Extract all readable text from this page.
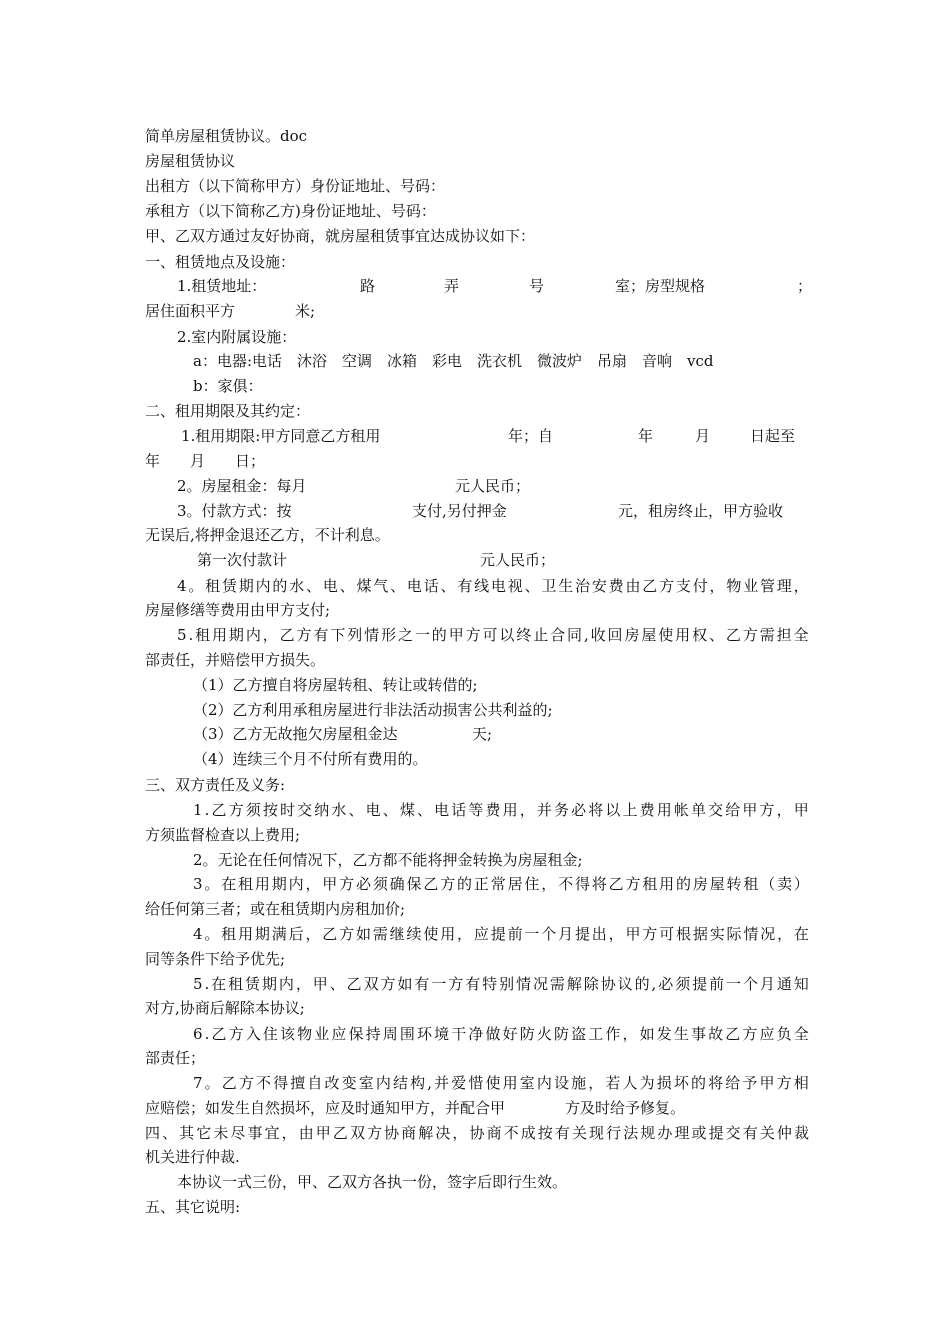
简单房屋租赁协议。doc
房屋租赁协议
出租方（以下简称甲方）身份证地址、号码：
承租方（以下简称乙方)身份证地址、号码：
甲、乙双方通过友好协商，就房屋租赁事宜达成协议如下：
一、租赁地点及设施：

1.租赁地址：

	路

	弄

	号

	室；房型规格

	；

居住面积平方　　　　米;
2.室内附属设施：
a：电器:电话　沐浴　空调　冰箱　彩电　洗衣机　微波炉　吊扇　音响　vcd
b：家俱：
二、租用期限及其约定：

1.租用期限:甲方同意乙方租用

	年；自

	年

	月

	日起至

年　　月　　日；

2。房屋租金：每月

	元人民币；

3。付款方式：按

	支付,另付押金

	元，租房终止，甲方验收

无误后,将押金退还乙方，不计利息。

第一次付款计

	元人民币；

4 。 租 赁 期 内 的 水 、 电 、 煤 气 、 电 话 、 有 线 电 视 、 卫 生 治 安 费 由 乙 方 支 付 ， 物 业 管 理 ，
房屋修缮等费用由甲方支付;
5 . 租 用 期 内 ， 乙 方 有 下 列 情 形 之 一 的 甲 方 可 以 终 止 合 同 , 收 回 房 屋 使 用 权 、 乙 方 需 担 全
部责任，并赔偿甲方损失。
（1）乙方擅自将房屋转租、转让或转借的;
（2）乙方利用承租房屋进行非法活动损害公共利益的;

（3）乙方无故拖欠房屋租金达

	天;

（4）连续三个月不付所有费用的。
三、双方责任及义务:
1 . 乙 方 须 按 时 交 纳 水 、 电 、 煤 、 电 话 等 费 用 ， 并 务 必 将 以 上 费 用 帐 单 交 给 甲 方 ， 甲
方须监督检查以上费用;
2。无论在任何情况下，乙方都不能将押金转换为房屋租金;
3 。 在 租 用 期 内 ， 甲 方 必 须 确 保 乙 方 的 正 常 居 住 ， 不 得 将 乙 方 租 用 的 房 屋 转 租 （ 卖 ）
给任何第三者；或在租赁期内房租加价;
4 。 租 用 期 满 后 ， 乙 方 如 需 继 续 使 用 ， 应 提 前 一 个 月 提 出 ， 甲 方 可 根 据 实 际 情 况 ， 在
同等条件下给予优先;
5 . 在 租 赁 期 内 ， 甲 、 乙 双 方 如 有 一 方 有 特 别 情 况 需 解 除 协 议 的 , 必 须 提 前 一 个 月 通 知
对方,协商后解除本协议;
6 . 乙 方 入 住 该 物 业 应 保 持 周 围 环 境 干 净 做 好 防 火 防 盗 工 作 ， 如 发 生 事 故 乙 方 应 负 全
部责任；
7 。 乙 方 不 得 擅 自 改 变 室 内 结 构 , 并 爱 惜 使 用 室 内 设 施 ， 若 人 为 损 坏 的 将 给 予 甲 方 相
应赔偿；如发生自然损坏，应及时通知甲方，并配合甲　　　　方及时给予修复。
四 、 其 它 未 尽 事 宜 ， 由 甲 乙 双 方 协 商 解 决 ， 协 商 不 成 按 有 关 现 行 法 规 办 理 或 提 交 有 关 仲 裁
机关进行仲裁.
本协议一式三份，甲、乙双方各执一份，签字后即行生效。
五、其它说明:
